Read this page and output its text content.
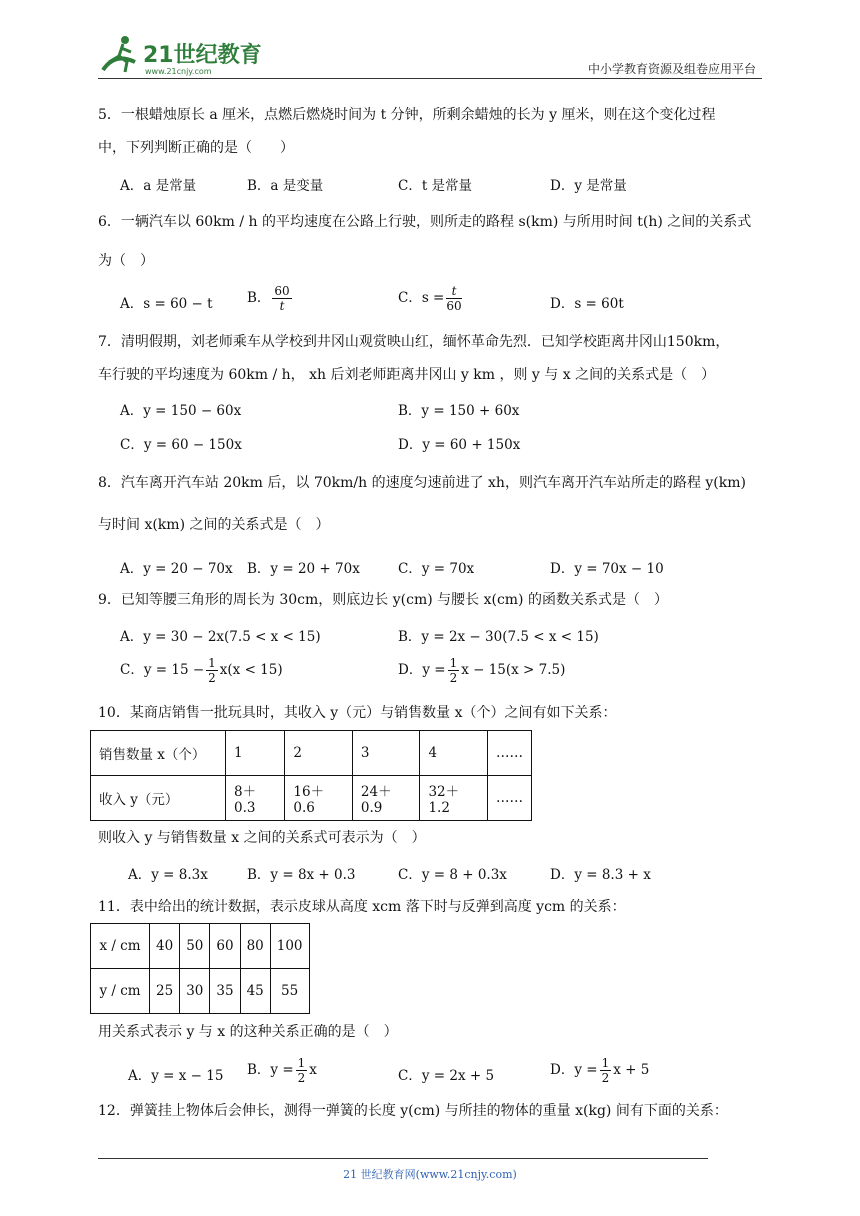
21世纪教育
www.21cnjy.com	中小学教育资源及组卷应用平台
5．一根蜡烛原长 a 厘米，点燃后燃烧时间为 t 分钟，所剩余蜡烛的长为 y 厘米，则在这个变化过程
中，下列判断正确的是（　　）
A．a 是常量	B．a 是变量	C．t 是常量	D．y 是常量
6．一辆汽车以 60km / h 的平均速度在公路上行驶，则所走的路程 s(km) 与所用时间 t(h) 之间的关系式
为（　）
A．s = 60 − t	B． $\frac{60}{t}$	C．$s = \frac{t}{60}$	D．s = 60t
7．清明假期，刘老师乘车从学校到井冈山观赏映山红，缅怀革命先烈．已知学校距离井冈山150km，
车行驶的平均速度为 60km / h， xh 后刘老师距离井冈山 y km ，则 y 与 x 之间的关系式是（　）
A．y = 150 − 60x	B．y = 150 + 60x
C．y = 60 − 150x	D．y = 60 + 150x
8．汽车离开汽车站 20km 后，以 70km/h 的速度匀速前进了 xh，则汽车离开汽车站所走的路程 y(km)
与时间 x(km) 之间的关系式是（　）
A．y = 20 − 70x B．y = 20 + 70x	C．y = 70x	D．y = 70x − 10
9．已知等腰三角形的周长为 30cm，则底边长 y(cm) 与腰长 x(cm) 的函数关系式是（　）
A．y = 30 − 2x(7.5 < x < 15)	B．y = 2x − 30(7.5 < x < 15)
C．$y = 15 - \frac{1}{2} x(x < 15)$	D．$y = \frac{1}{2}$ x − 15(x > 7.5)
10．某商店销售一批玩具时，其收入 y（元）与销售数量 x（个）之间有如下关系：
销售数量 x（个）	1	2	3	4	……
收入 y（元）	8＋0.3	16＋0.6	24＋0.9	32＋1.2	……
则收入 y 与销售数量 x 之间的关系式可表示为（　）
A．y = 8.3x	B．y = 8x + 0.3	C．y = 8 + 0.3x	D．y = 8.3 + x
11．表中给出的统计数据，表示皮球从高度 xcm 落下时与反弹到高度 ycm 的关系：
x / cm	40	50	60	80	100
y / cm	25	30	35	45	55
用关系式表示 y 与 x 的这种关系正确的是（　）
A．y = x − 15 B．$y = \frac{1}{2}$ x	C．y = 2x + 5	D．$y = \frac{1}{2}$ x + 5
12．弹簧挂上物体后会伸长，测得一弹簧的长度 y(cm) 与所挂的物体的重量 x(kg) 间有下面的关系：
21 世纪教育网(www.21cnjy.com)
